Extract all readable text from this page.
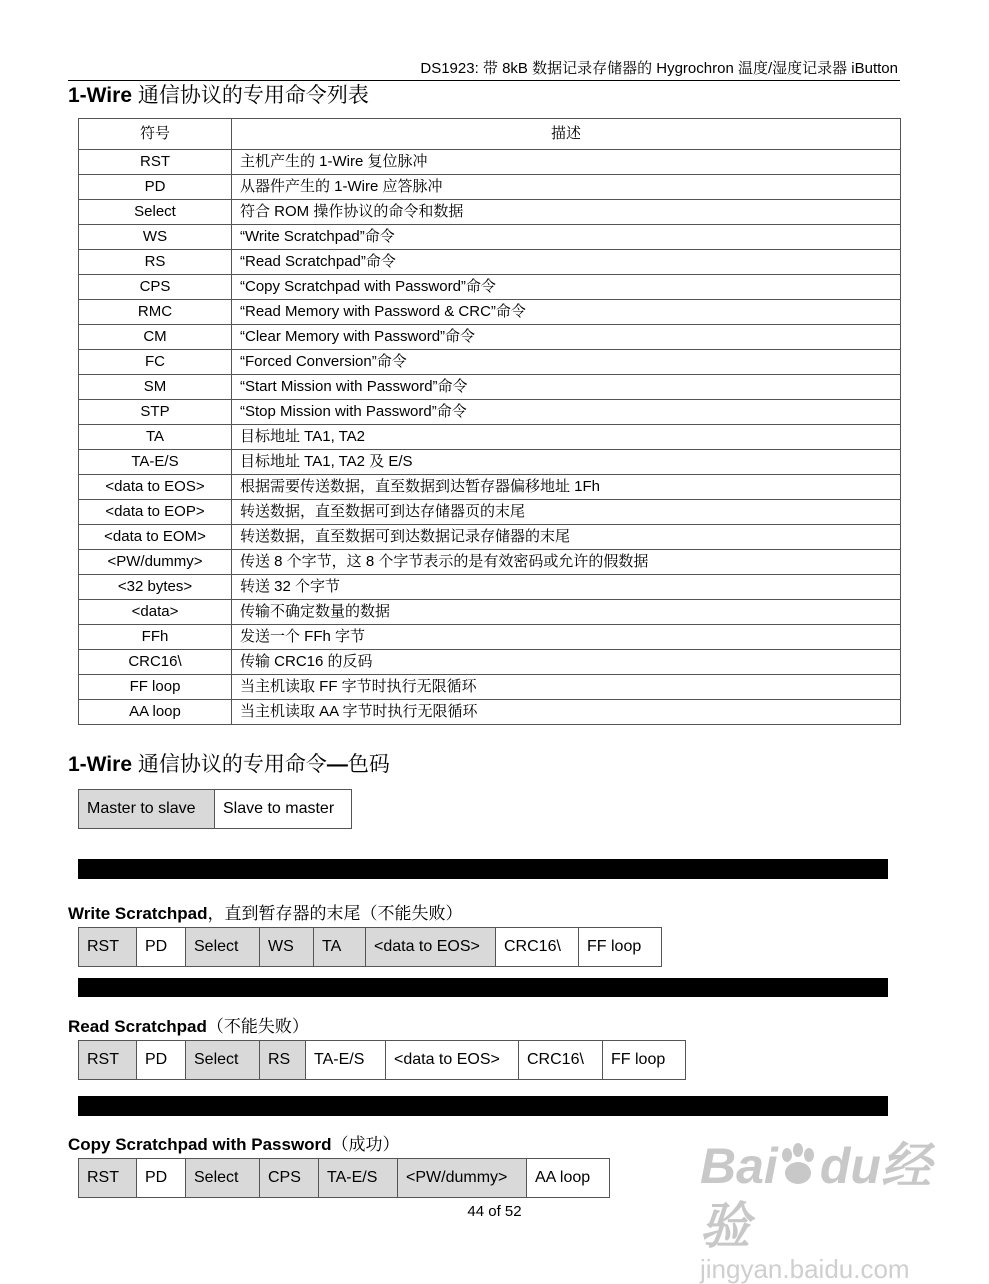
DS1923: 带 8kB 数据记录存储器的 Hygrochron 温度/湿度记录器 iButton
1-Wire 通信协议的专用命令列表
符号	描述
RST	主机产生的 1-Wire 复位脉冲
PD	从器件产生的 1-Wire 应答脉冲
Select	符合 ROM 操作协议的命令和数据
WS	“Write Scratchpad”命令
RS	“Read Scratchpad”命令
CPS	“Copy Scratchpad with Password”命令
RMC	“Read Memory with Password & CRC”命令
CM	“Clear Memory with Password”命令
FC	“Forced Conversion”命令
SM	“Start Mission with Password”命令
STP	“Stop Mission with Password”命令
TA	目标地址 TA1, TA2
TA-E/S	目标地址 TA1, TA2 及 E/S
<data to EOS>	根据需要传送数据，直至数据到达暂存器偏移地址 1Fh
<data to EOP>	转送数据，直至数据可到达存储器页的末尾
<data to EOM>	转送数据，直至数据可到达数据记录存储器的末尾
<PW/dummy>	传送 8 个字节，这 8 个字节表示的是有效密码或允许的假数据
<32 bytes>	转送 32 个字节
<data>	传输不确定数量的数据
FFh	发送一个 FFh 字节
CRC16\	传输 CRC16 的反码
FF loop	当主机读取 FF 字节时执行无限循环
AA loop	当主机读取 AA 字节时执行无限循环
1-Wire 通信协议的专用命令—色码
Master to slave	Slave to master
Write Scratchpad，直到暂存器的末尾（不能失败）
RST	PD	Select	WS	TA	<data to EOS>	CRC16\	FF loop
Read Scratchpad（不能失败）
RST	PD	Select	RS	TA-E/S	<data to EOS>	CRC16\	FF loop
Copy Scratchpad with Password（成功）
RST	PD	Select	CPS	TA-E/S	<PW/dummy>	AA loop
44 of 52
Bai du经验
jingyan.baidu.com
